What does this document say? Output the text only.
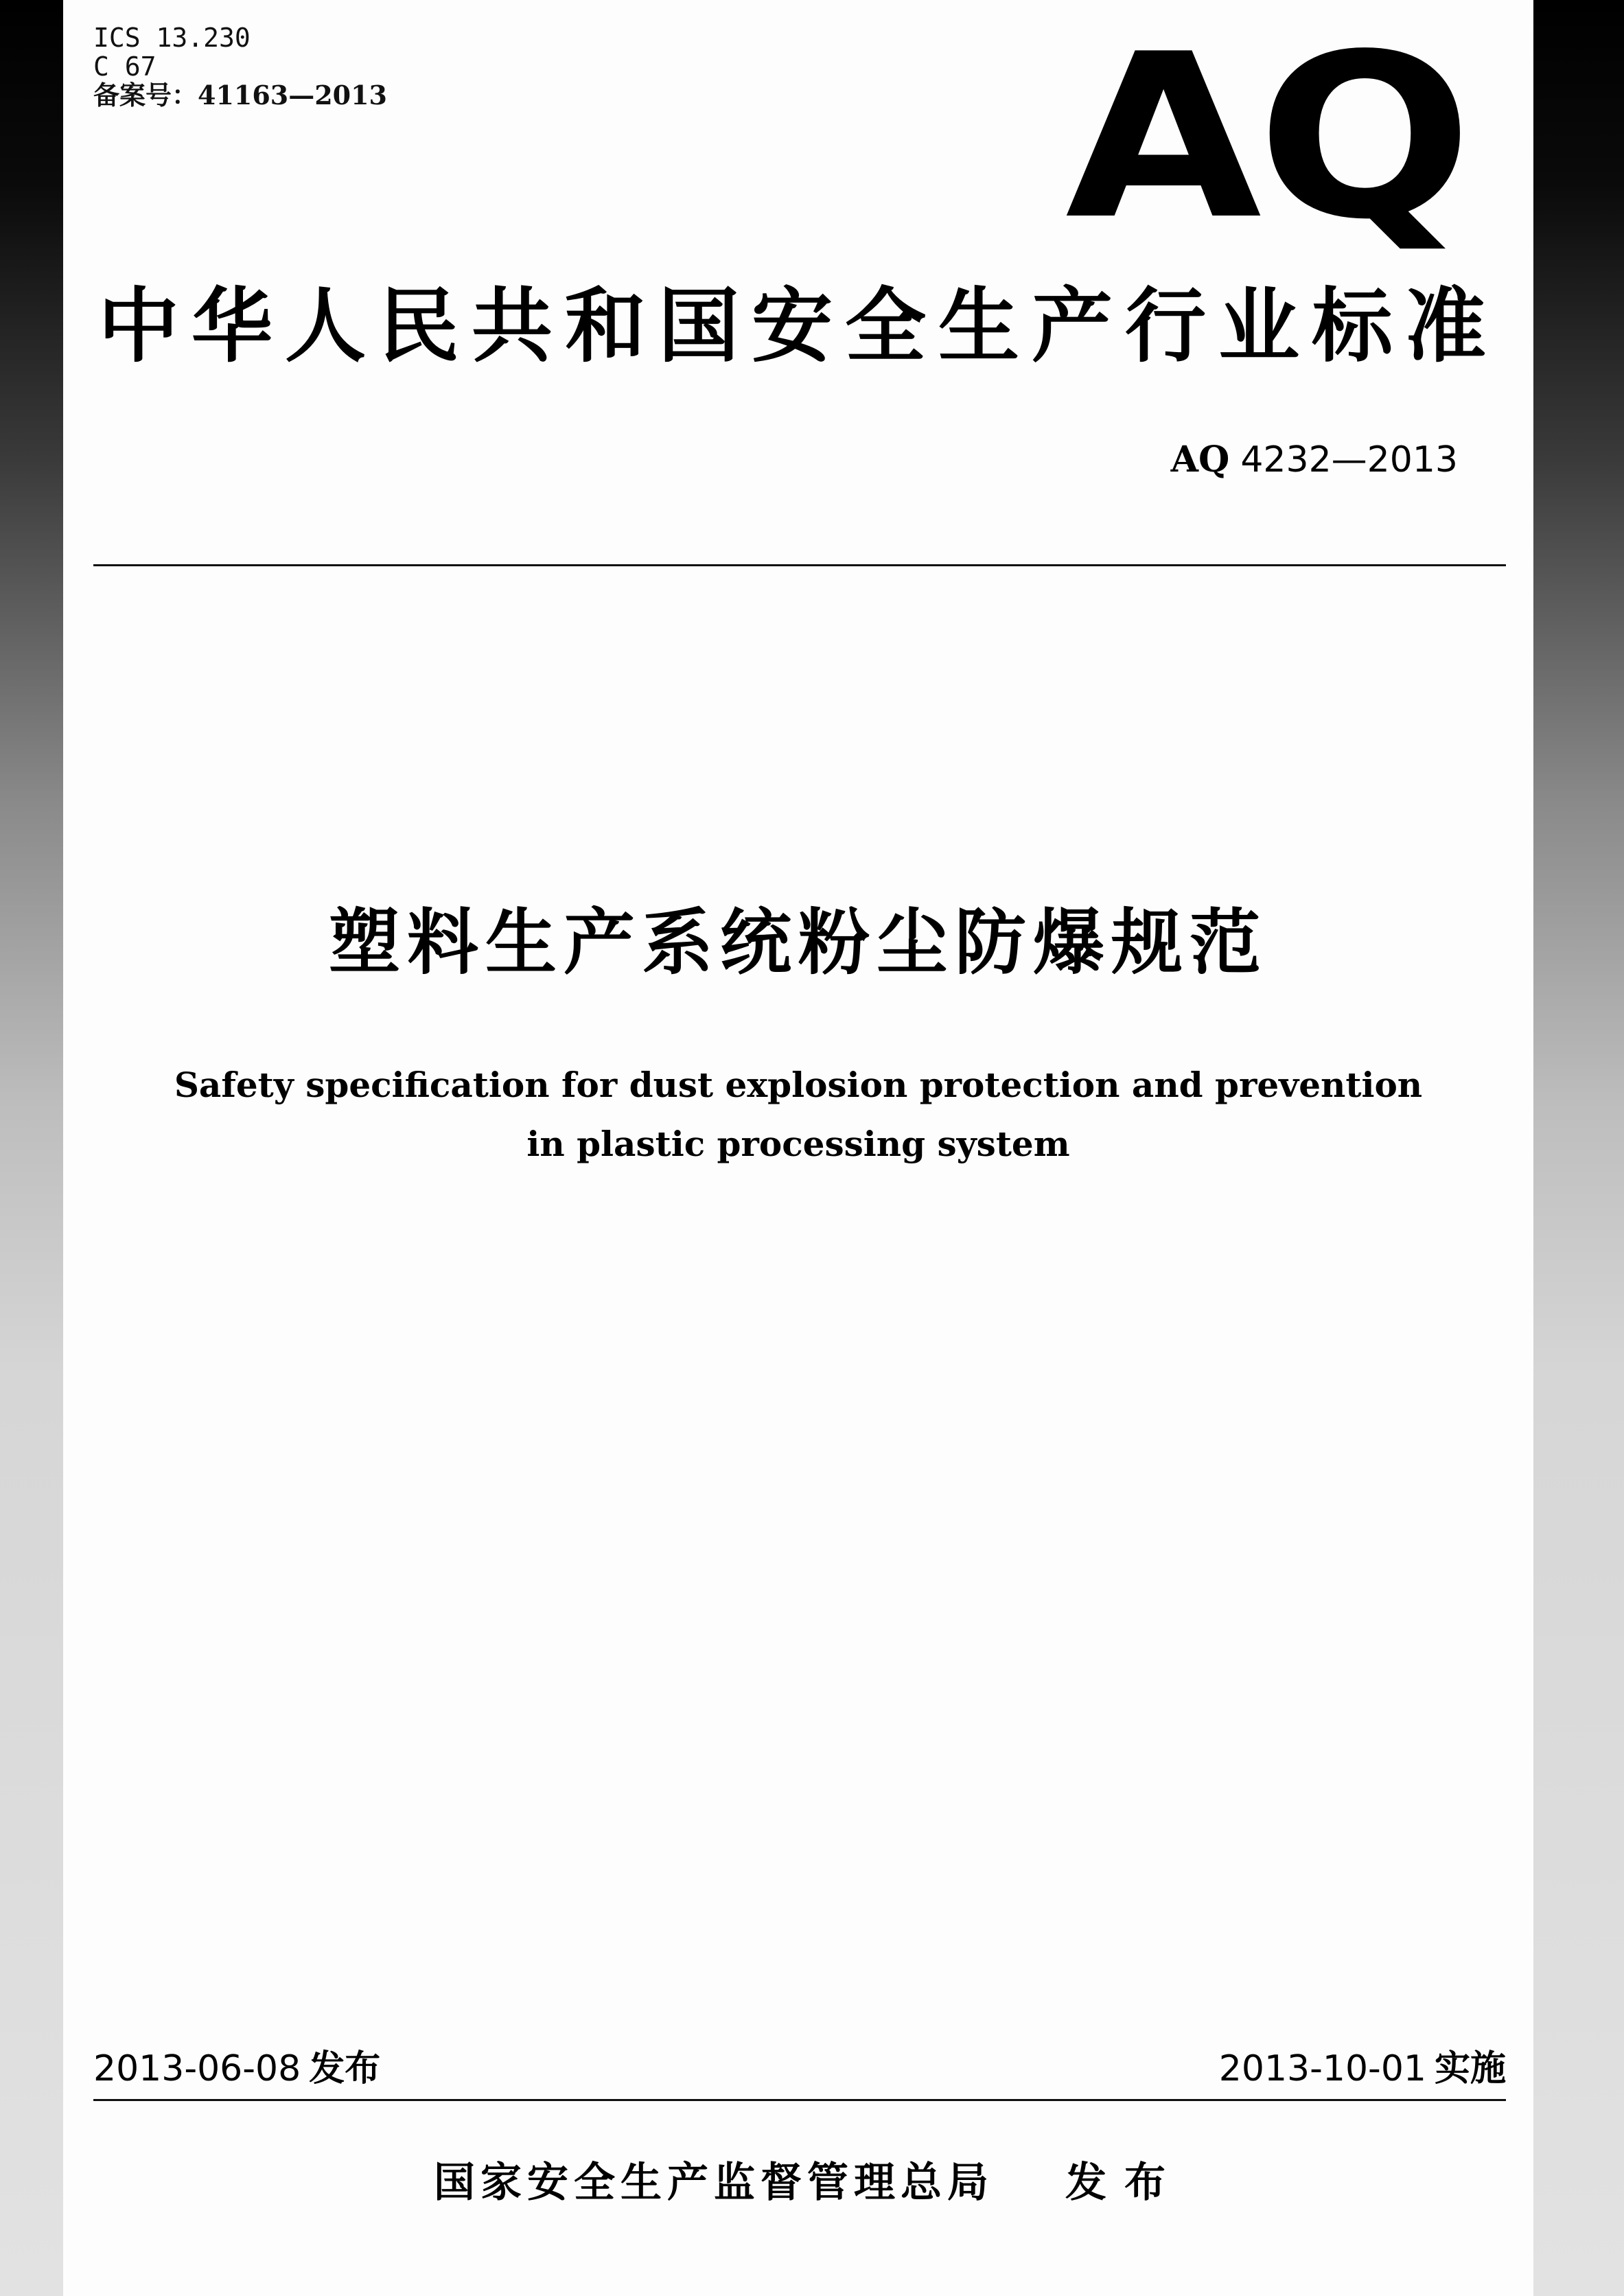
ICS 13.230
C 67
备案号：41163—2013	AQ
中华人民共和国安全生产行业标准
AQ 4232—2013
塑料生产系统粉尘防爆规范
Safety specification for dust explosion protection and prevention
in plastic processing system
2013-06-08 发布	2013-10-01 实施
国家安全生产监督管理总局 发布
